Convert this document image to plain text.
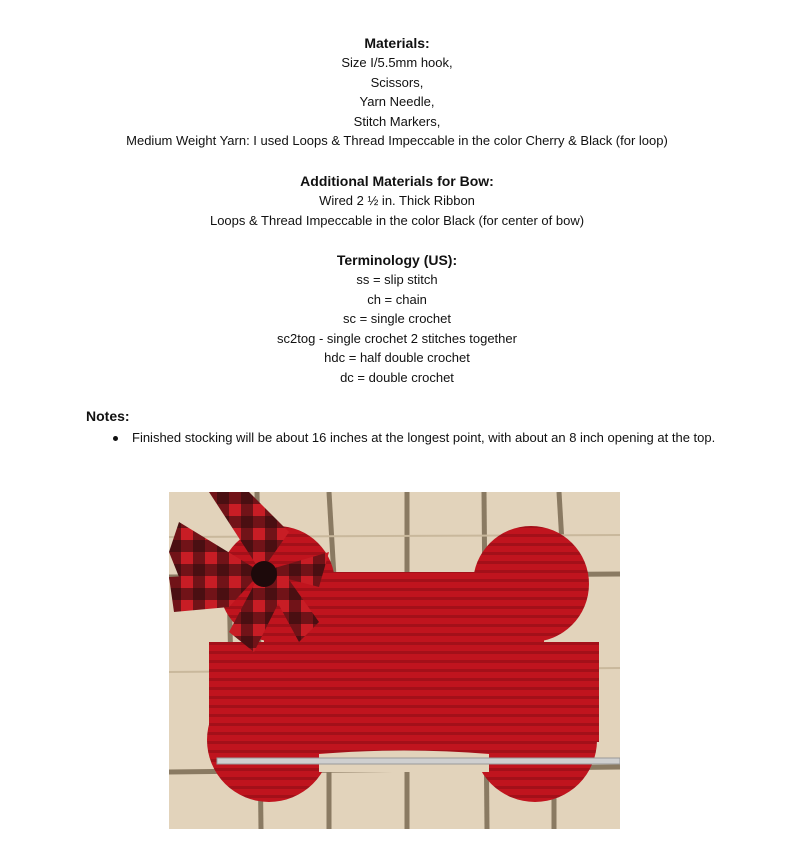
Materials:

Size I/5.5mm hook,

Scissors,

Yarn Needle,

Stitch Markers,

Medium Weight Yarn: I used Loops & Thread Impeccable in the color Cherry & Black (for loop)

Additional Materials for Bow:

Wired 2 ½ in. Thick Ribbon

Loops & Thread Impeccable in the color Black (for center of bow)

Terminology (US):

ss = slip stitch

ch = chain

sc = single crochet

sc2tog - single crochet 2 stitches together

hdc = half double crochet

dc = double crochet

Notes:

Finished stocking will be about 16 inches at the longest point, with about an 8 inch opening at the top.
